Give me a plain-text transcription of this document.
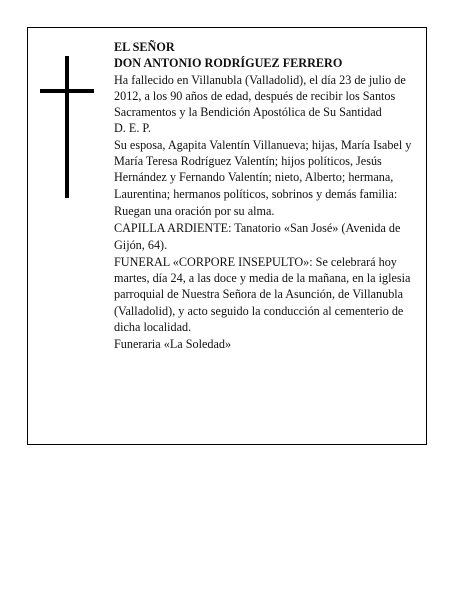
EL SEÑOR

DON ANTONIO RODRÍGUEZ FERRERO

Ha fallecido en Villanubla (Valladolid), el día 23 de julio de 2012, a los 90 años de edad, después de recibir los Santos Sacramentos y la Bendición Apostólica de Su Santidad

D. E. P.

Su esposa, Agapita Valentín Villanueva; hijas, María Isabel y María Teresa Rodríguez Valentín; hijos políticos, Jesús Hernández y Fernando Valentín; nieto, Alberto; hermana, Laurentina; hermanos políticos, sobrinos y demás familia:

Ruegan una oración por su alma.

CAPILLA ARDIENTE: Tanatorio «San José» (Avenida de Gijón, 64).

FUNERAL «CORPORE INSEPULTO»: Se celebrará hoy martes, día 24, a las doce y media de la mañana, en la iglesia parroquial de Nuestra Señora de la Asunción, de Villanubla (Valladolid), y acto seguido la conducción al cementerio de dicha localidad.

Funeraria «La Soledad»
